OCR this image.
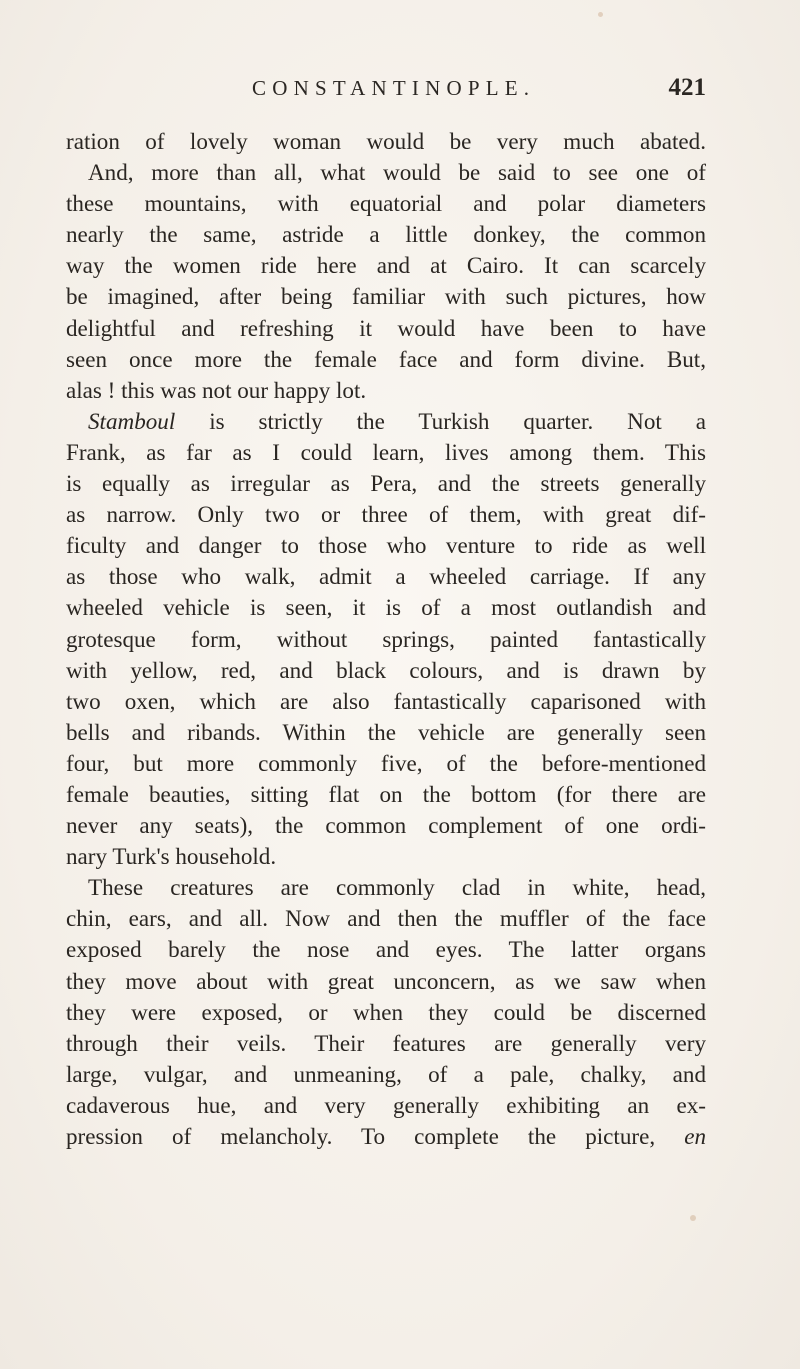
CONSTANTINOPLE.	421
ration of lovely woman would be very much abated.
And, more than all, what would be said to see one of
these mountains, with equatorial and polar diameters
nearly the same, astride a little donkey, the common
way the women ride here and at Cairo. It can scarcely
be imagined, after being familiar with such pictures, how
delightful and refreshing it would have been to have
seen once more the female face and form divine. But,
alas ! this was not our happy lot.
Stamboul is strictly the Turkish quarter. Not a
Frank, as far as I could learn, lives among them. This
is equally as irregular as Pera, and the streets generally
as narrow. Only two or three of them, with great dif-
ficulty and danger to those who venture to ride as well
as those who walk, admit a wheeled carriage. If any
wheeled vehicle is seen, it is of a most outlandish and
grotesque form, without springs, painted fantastically
with yellow, red, and black colours, and is drawn by
two oxen, which are also fantastically caparisoned with
bells and ribands. Within the vehicle are generally seen
four, but more commonly five, of the before-mentioned
female beauties, sitting flat on the bottom (for there are
never any seats), the common complement of one ordi-
nary Turk's household.
These creatures are commonly clad in white, head,
chin, ears, and all. Now and then the muffler of the face
exposed barely the nose and eyes. The latter organs
they move about with great unconcern, as we saw when
they were exposed, or when they could be discerned
through their veils. Their features are generally very
large, vulgar, and unmeaning, of a pale, chalky, and
cadaverous hue, and very generally exhibiting an ex-
pression of melancholy. To complete the picture, en
